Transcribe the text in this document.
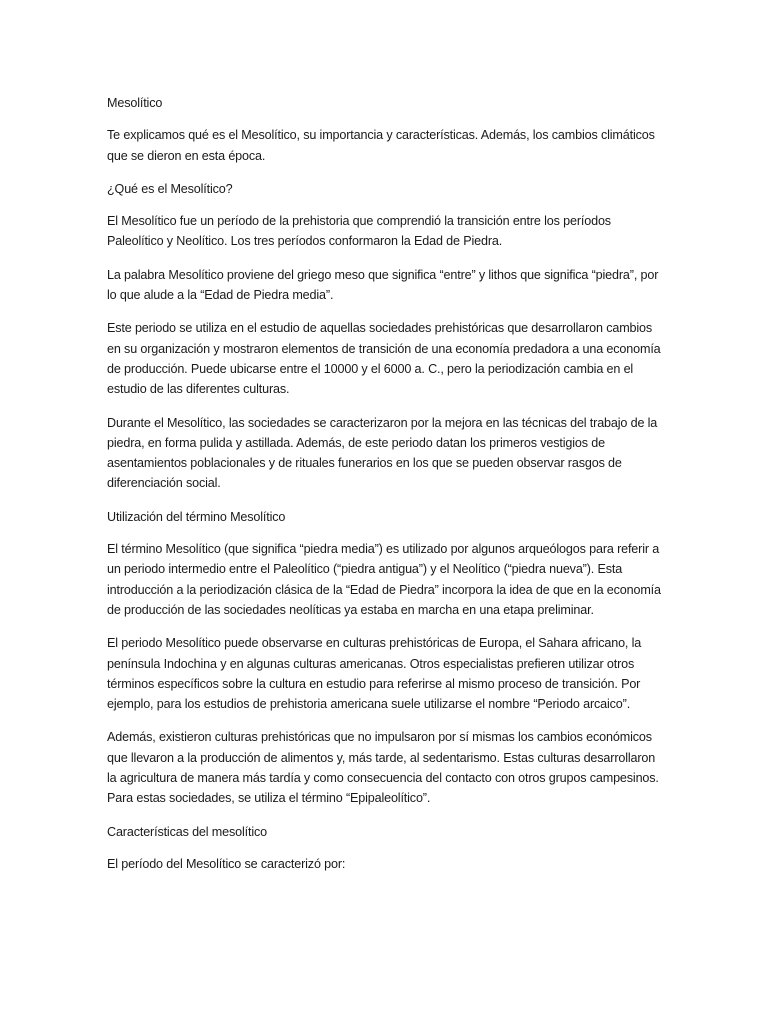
Mesolítico

Te explicamos qué es el Mesolítico, su importancia y características. Además, los cambios climáticos que se dieron en esta época.

¿Qué es el Mesolítico?

El Mesolítico fue un período de la prehistoria que comprendió la transición entre los períodos Paleolítico y Neolítico. Los tres períodos conformaron la Edad de Piedra.

La palabra Mesolítico proviene del griego meso que significa “entre” y lithos que significa “piedra”, por lo que alude a la “Edad de Piedra media”.

Este periodo se utiliza en el estudio de aquellas sociedades prehistóricas que desarrollaron cambios en su organización y mostraron elementos de transición de una economía predadora a una economía de producción. Puede ubicarse entre el 10000 y el 6000 a. C., pero la periodización cambia en el estudio de las diferentes culturas.

Durante el Mesolítico, las sociedades se caracterizaron por la mejora en las técnicas del trabajo de la piedra, en forma pulida y astillada. Además, de este periodo datan los primeros vestigios de asentamientos poblacionales y de rituales funerarios en los que se pueden observar rasgos de diferenciación social.

Utilización del término Mesolítico

El término Mesolítico (que significa “piedra media”) es utilizado por algunos arqueólogos para referir a un periodo intermedio entre el Paleolítico (“piedra antigua”) y el Neolítico (“piedra nueva”). Esta introducción a la periodización clásica de la “Edad de Piedra” incorpora la idea de que en la economía de producción de las sociedades neolíticas ya estaba en marcha en una etapa preliminar.

El periodo Mesolítico puede observarse en culturas prehistóricas de Europa, el Sahara africano, la península Indochina y en algunas culturas americanas. Otros especialistas prefieren utilizar otros términos específicos sobre la cultura en estudio para referirse al mismo proceso de transición. Por ejemplo, para los estudios de prehistoria americana suele utilizarse el nombre “Periodo arcaico”.

Además, existieron culturas prehistóricas que no impulsaron por sí mismas los cambios económicos que llevaron a la producción de alimentos y, más tarde, al sedentarismo. Estas culturas desarrollaron la agricultura de manera más tardía y como consecuencia del contacto con otros grupos campesinos. Para estas sociedades, se utiliza el término “Epipaleolítico”.

Características del mesolítico

El período del Mesolítico se caracterizó por:
